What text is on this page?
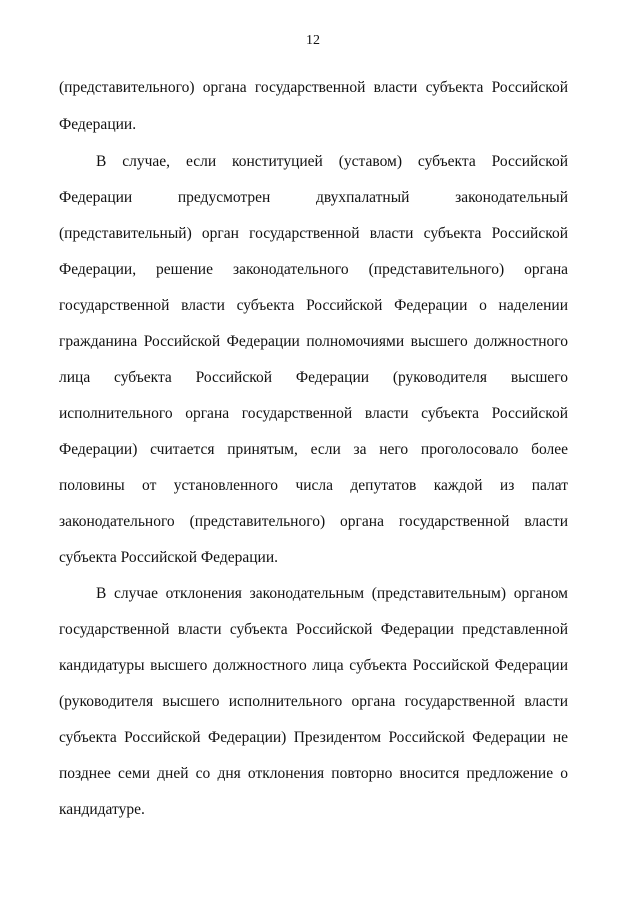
12
(представительного) органа государственной власти субъекта Российской
Федерации.
В случае, если конституцией (уставом) субъекта Российской
Федерации предусмотрен двухпалатный законодательный
(представительный) орган государственной власти субъекта Российской
Федерации, решение законодательного (представительного) органа
государственной власти субъекта Российской Федерации о наделении
гражданина Российской Федерации полномочиями высшего должностного
лица субъекта Российской Федерации (руководителя высшего
исполнительного органа государственной власти субъекта Российской
Федерации) считается принятым, если за него проголосовало более
половины от установленного числа депутатов каждой из палат
законодательного (представительного) органа государственной власти
субъекта Российской Федерации.
В случае отклонения законодательным (представительным) органом
государственной власти субъекта Российской Федерации представленной
кандидатуры высшего должностного лица субъекта Российской Федерации
(руководителя высшего исполнительного органа государственной власти
субъекта Российской Федерации) Президентом Российской Федерации не
позднее семи дней со дня отклонения повторно вносится предложение о
кандидатуре.
